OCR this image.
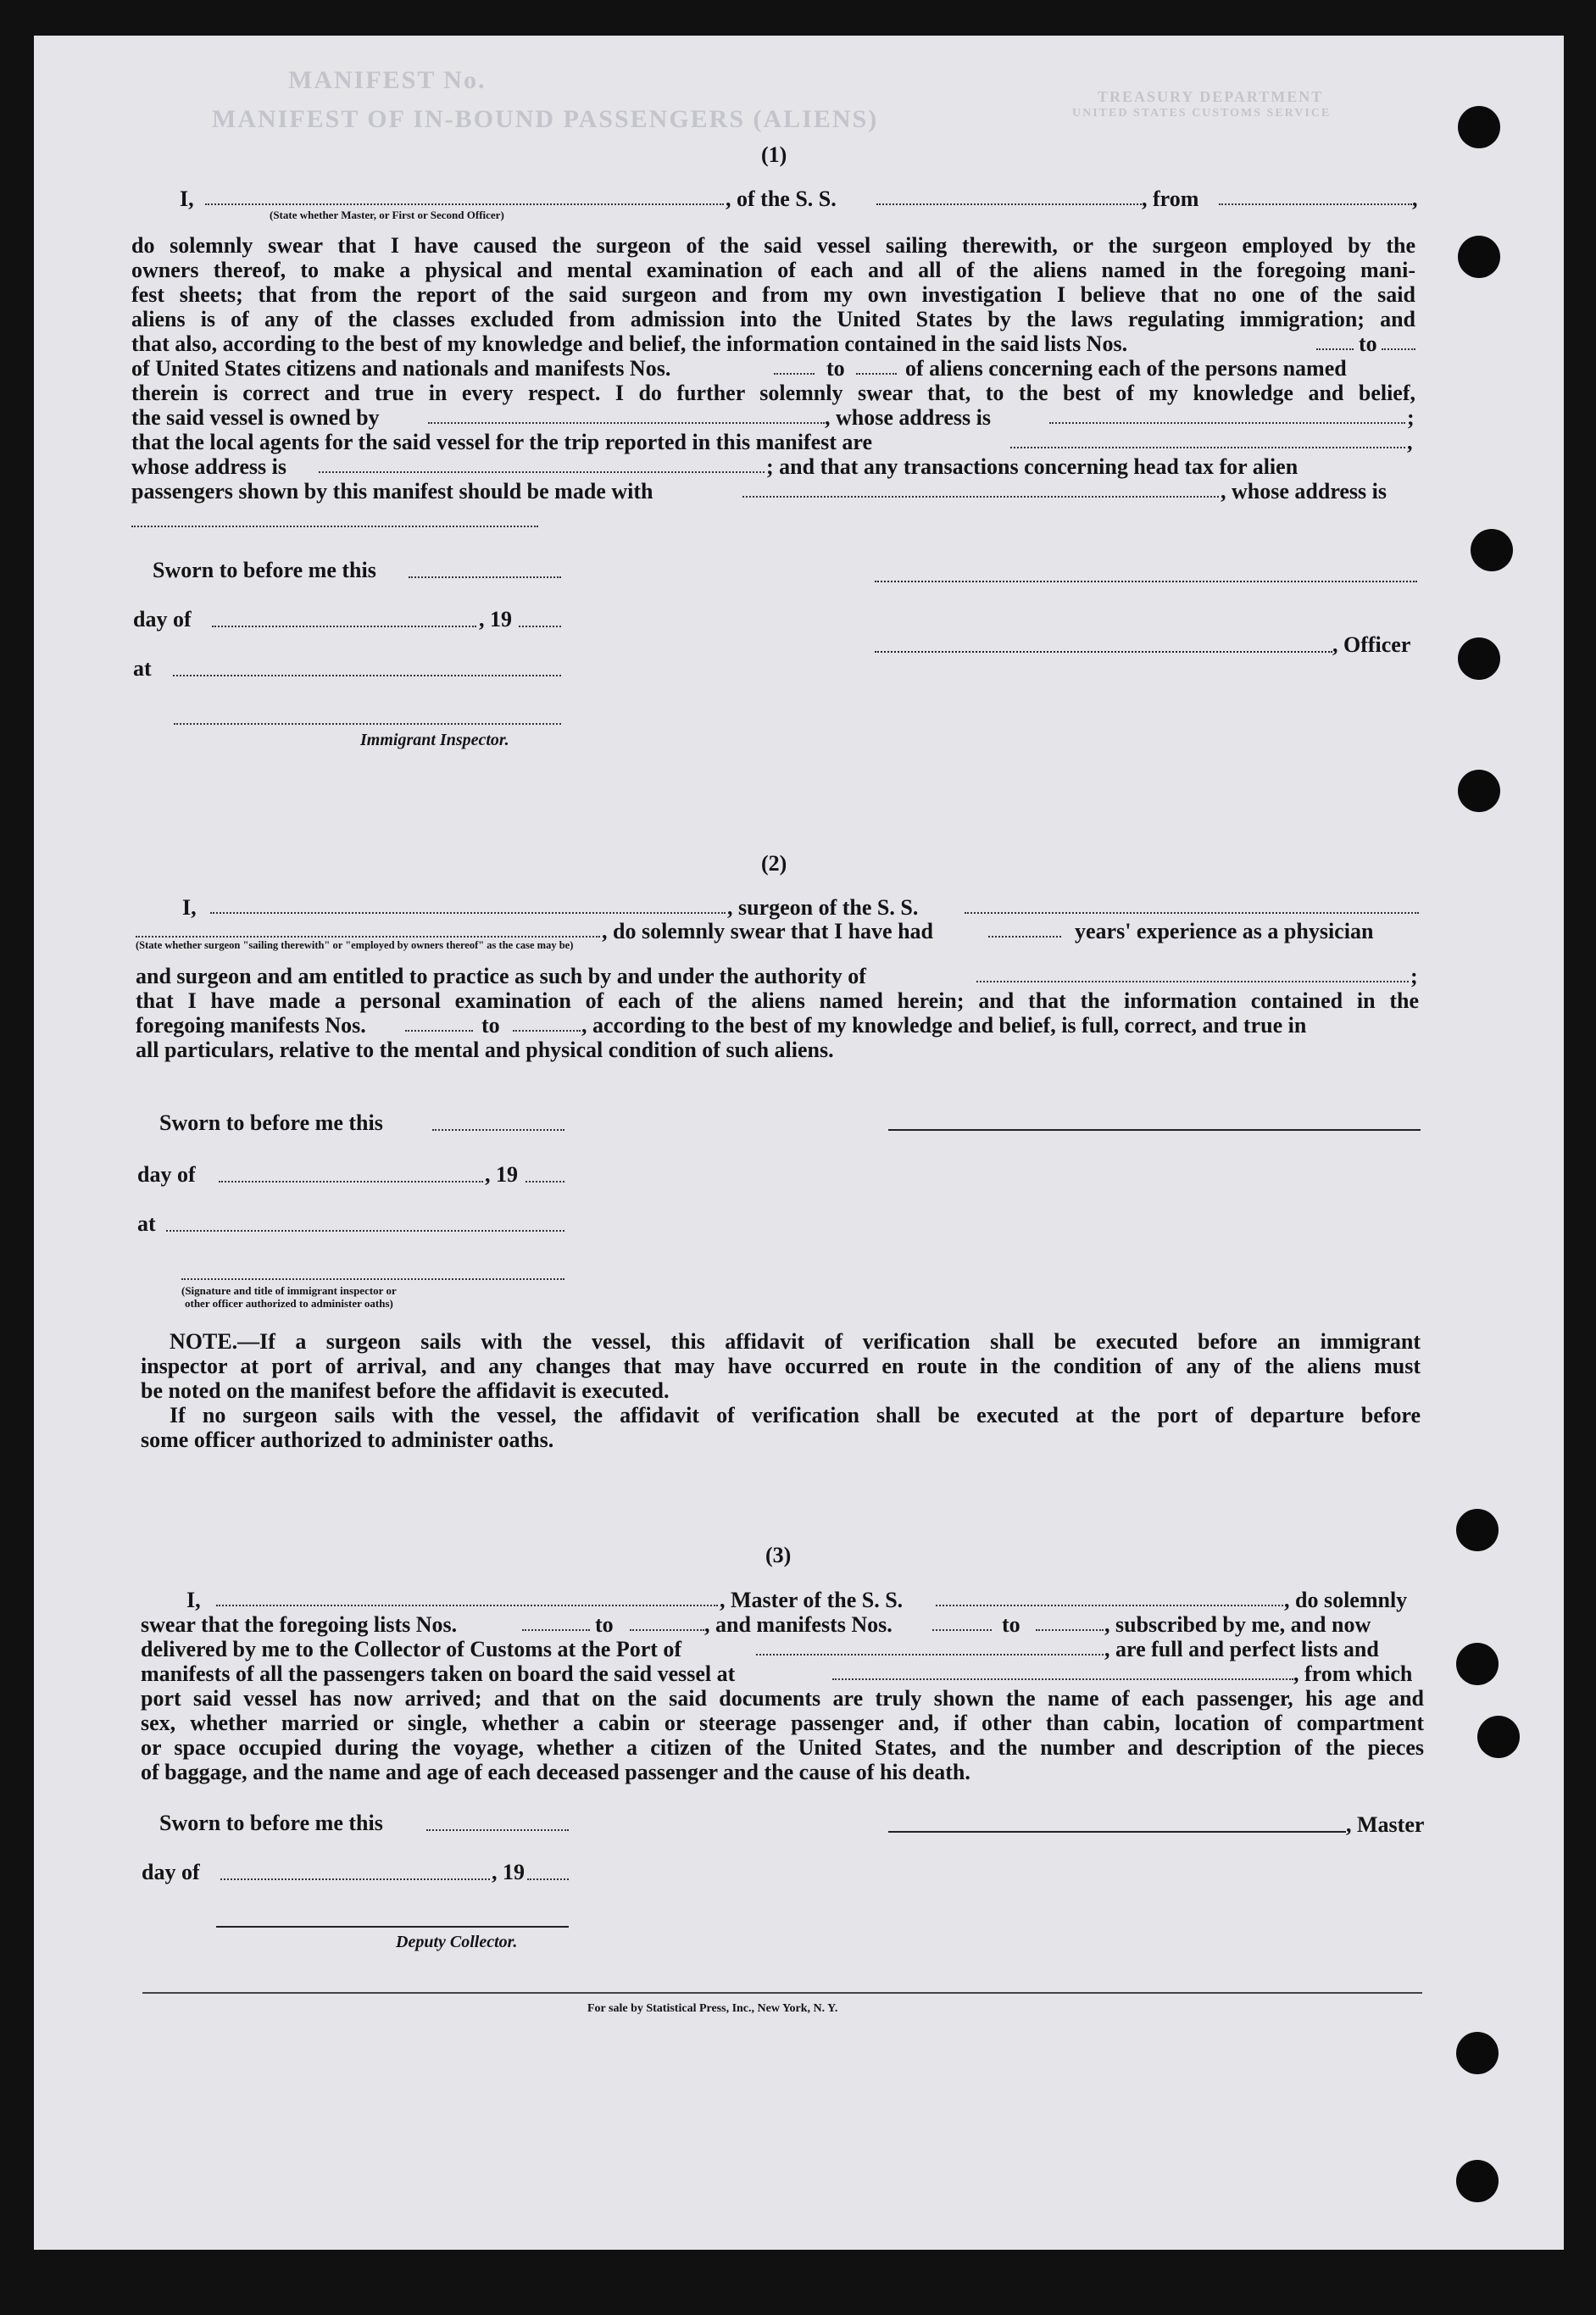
MANIFEST No.
MANIFEST OF IN-BOUND PASSENGERS (ALIENS)
TREASURY DEPARTMENT
UNITED STATES CUSTOMS SERVICE
(1)
I,	, of the S. S.	, from	,
(State whether Master, or First or Second Officer)
do solemnly swear that I have caused the surgeon of the said vessel sailing therewith, or the surgeon employed by the
owners thereof, to make a physical and mental examination of each and all of the aliens named in the foregoing mani-
fest sheets; that from the report of the said surgeon and from my own investigation I believe that no one of the said
aliens is of any of the classes excluded from admission into the United States by the laws regulating immigration; and
that also, according to the best of my knowledge and belief, the information contained in the said lists Nos.	to
of United States citizens and nationals and manifests Nos.	to	of aliens concerning each of the persons named
therein is correct and true in every respect. I do further solemnly swear that, to the best of my knowledge and belief,
the said vessel is owned by	, whose address is	;
that the local agents for the said vessel for the trip reported in this manifest are	,
whose address is	; and that any transactions concerning head tax for alien
passengers shown by this manifest should be made with	, whose address is
Sworn to before me this
day of	, 19
, Officer
at
Immigrant Inspector.
(2)
I,	, surgeon of the S. S.
, do solemnly swear that I have had	years' experience as a physician
(State whether surgeon "sailing therewith" or "employed by owners thereof" as the case may be)
and surgeon and am entitled to practice as such by and under the authority of	;
that I have made a personal examination of each of the aliens named herein; and that the information contained in the
foregoing manifests Nos.	to	, according to the best of my knowledge and belief, is full, correct, and true in
all particulars, relative to the mental and physical condition of such aliens.
Sworn to before me this
day of	, 19
at
(Signature and title of immigrant inspector or
other officer authorized to administer oaths)
NOTE.—If a surgeon sails with the vessel, this affidavit of verification shall be executed before an immigrant
inspector at port of arrival, and any changes that may have occurred en route in the condition of any of the aliens must
be noted on the manifest before the affidavit is executed.
If no surgeon sails with the vessel, the affidavit of verification shall be executed at the port of departure before
some officer authorized to administer oaths.
(3)
I,	, Master of the S. S.	, do solemnly
swear that the foregoing lists Nos.	to	, and manifests Nos.	to	, subscribed by me, and now
delivered by me to the Collector of Customs at the Port of	, are full and perfect lists and
manifests of all the passengers taken on board the said vessel at	, from which
port said vessel has now arrived; and that on the said documents are truly shown the name of each passenger, his age and
sex, whether married or single, whether a cabin or steerage passenger and, if other than cabin, location of compartment
or space occupied during the voyage, whether a citizen of the United States, and the number and description of the pieces
of baggage, and the name and age of each deceased passenger and the cause of his death.
Sworn to before me this	, Master
day of	, 19
Deputy Collector.
For sale by Statistical Press, Inc., New York, N. Y.
